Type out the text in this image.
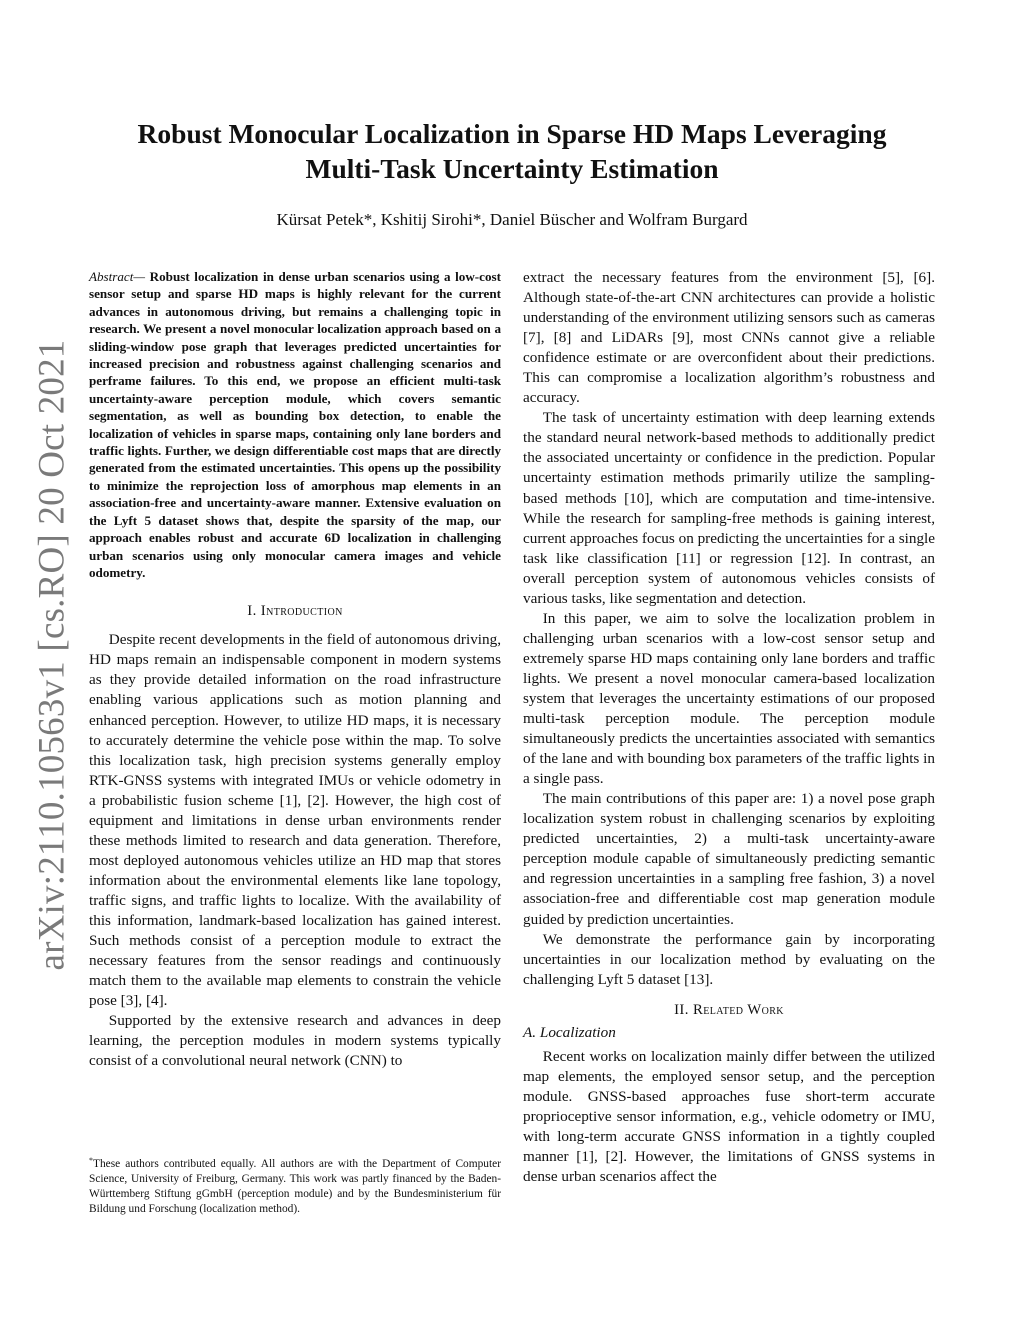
arXiv:2110.10563v1 [cs.RO] 20 Oct 2021
Robust Monocular Localization in Sparse HD Maps Leveraging
Multi-Task Uncertainty Estimation
Kürsat Petek*, Kshitij Sirohi*, Daniel Büscher and Wolfram Burgard

Abstract— Robust localization in dense urban scenarios using a low-cost sensor setup and sparse HD maps is highly relevant for the current advances in autonomous driving, but remains a challenging topic in research. We present a novel monocular localization approach based on a sliding-window pose graph that leverages predicted uncertainties for increased precision and robustness against challenging scenarios and perframe failures. To this end, we propose an efficient multi-task uncertainty-aware perception module, which covers semantic segmentation, as well as bounding box detection, to enable the localization of vehicles in sparse maps, containing only lane borders and traffic lights. Further, we design differentiable cost maps that are directly generated from the estimated uncertainties. This opens up the possibility to minimize the reprojection loss of amorphous map elements in an association-free and uncertainty-aware manner. Extensive evaluation on the Lyft 5 dataset shows that, despite the sparsity of the map, our approach enables robust and accurate 6D localization in challenging urban scenarios using only monocular camera images and vehicle odometry.

I. Introduction

Despite recent developments in the field of autonomous driving, HD maps remain an indispensable component in modern systems as they provide detailed information on the road infrastructure enabling various applications such as motion planning and enhanced perception. However, to utilize HD maps, it is necessary to accurately determine the vehicle pose within the map. To solve this localization task, high precision systems generally employ RTK-GNSS systems with integrated IMUs or vehicle odometry in a probabilistic fusion scheme [1], [2]. However, the high cost of equipment and limitations in dense urban environments render these methods limited to research and data generation. Therefore, most deployed autonomous vehicles utilize an HD map that stores information about the environmental elements like lane topology, traffic signs, and traffic lights to localize. With the availability of this information, landmark-based localization has gained interest. Such methods consist of a perception module to extract the necessary features from the sensor readings and continuously match them to the available map elements to constrain the vehicle pose [3], [4].

Supported by the extensive research and advances in deep learning, the perception modules in modern systems typically consist of a convolutional neural network (CNN) to

*These authors contributed equally. All authors are with the Department of Computer Science, University of Freiburg, Germany. This work was partly financed by the Baden-Württemberg Stiftung gGmbH (perception module) and by the Bundesministerium für Bildung und Forschung (localization method).

extract the necessary features from the environment [5], [6]. Although state-of-the-art CNN architectures can provide a holistic understanding of the environment utilizing sensors such as cameras [7], [8] and LiDARs [9], most CNNs cannot give a reliable confidence estimate or are overconfident about their predictions. This can compromise a localization algorithm’s robustness and accuracy.

The task of uncertainty estimation with deep learning extends the standard neural network-based methods to additionally predict the associated uncertainty or confidence in the prediction. Popular uncertainty estimation methods primarily utilize the sampling-based methods [10], which are computation and time-intensive. While the research for sampling-free methods is gaining interest, current approaches focus on predicting the uncertainties for a single task like classification [11] or regression [12]. In contrast, an overall perception system of autonomous vehicles consists of various tasks, like segmentation and detection.

In this paper, we aim to solve the localization problem in challenging urban scenarios with a low-cost sensor setup and extremely sparse HD maps containing only lane borders and traffic lights. We present a novel monocular camera-based localization system that leverages the uncertainty estimations of our proposed multi-task perception module. The perception module simultaneously predicts the uncertainties associated with semantics of the lane and with bounding box parameters of the traffic lights in a single pass.

The main contributions of this paper are: 1) a novel pose graph localization system robust in challenging scenarios by exploiting predicted uncertainties, 2) a multi-task uncertainty-aware perception module capable of simultaneously predicting semantic and regression uncertainties in a sampling free fashion, 3) a novel association-free and differentiable cost map generation module guided by prediction uncertainties.

We demonstrate the performance gain by incorporating uncertainties in our localization method by evaluating on the challenging Lyft 5 dataset [13].

II. Related Work

A. Localization

Recent works on localization mainly differ between the utilized map elements, the employed sensor setup, and the perception module. GNSS-based approaches fuse short-term accurate proprioceptive sensor information, e.g., vehicle odometry or IMU, with long-term accurate GNSS information in a tightly coupled manner [1], [2]. However, the limitations of GNSS systems in dense urban scenarios affect the
